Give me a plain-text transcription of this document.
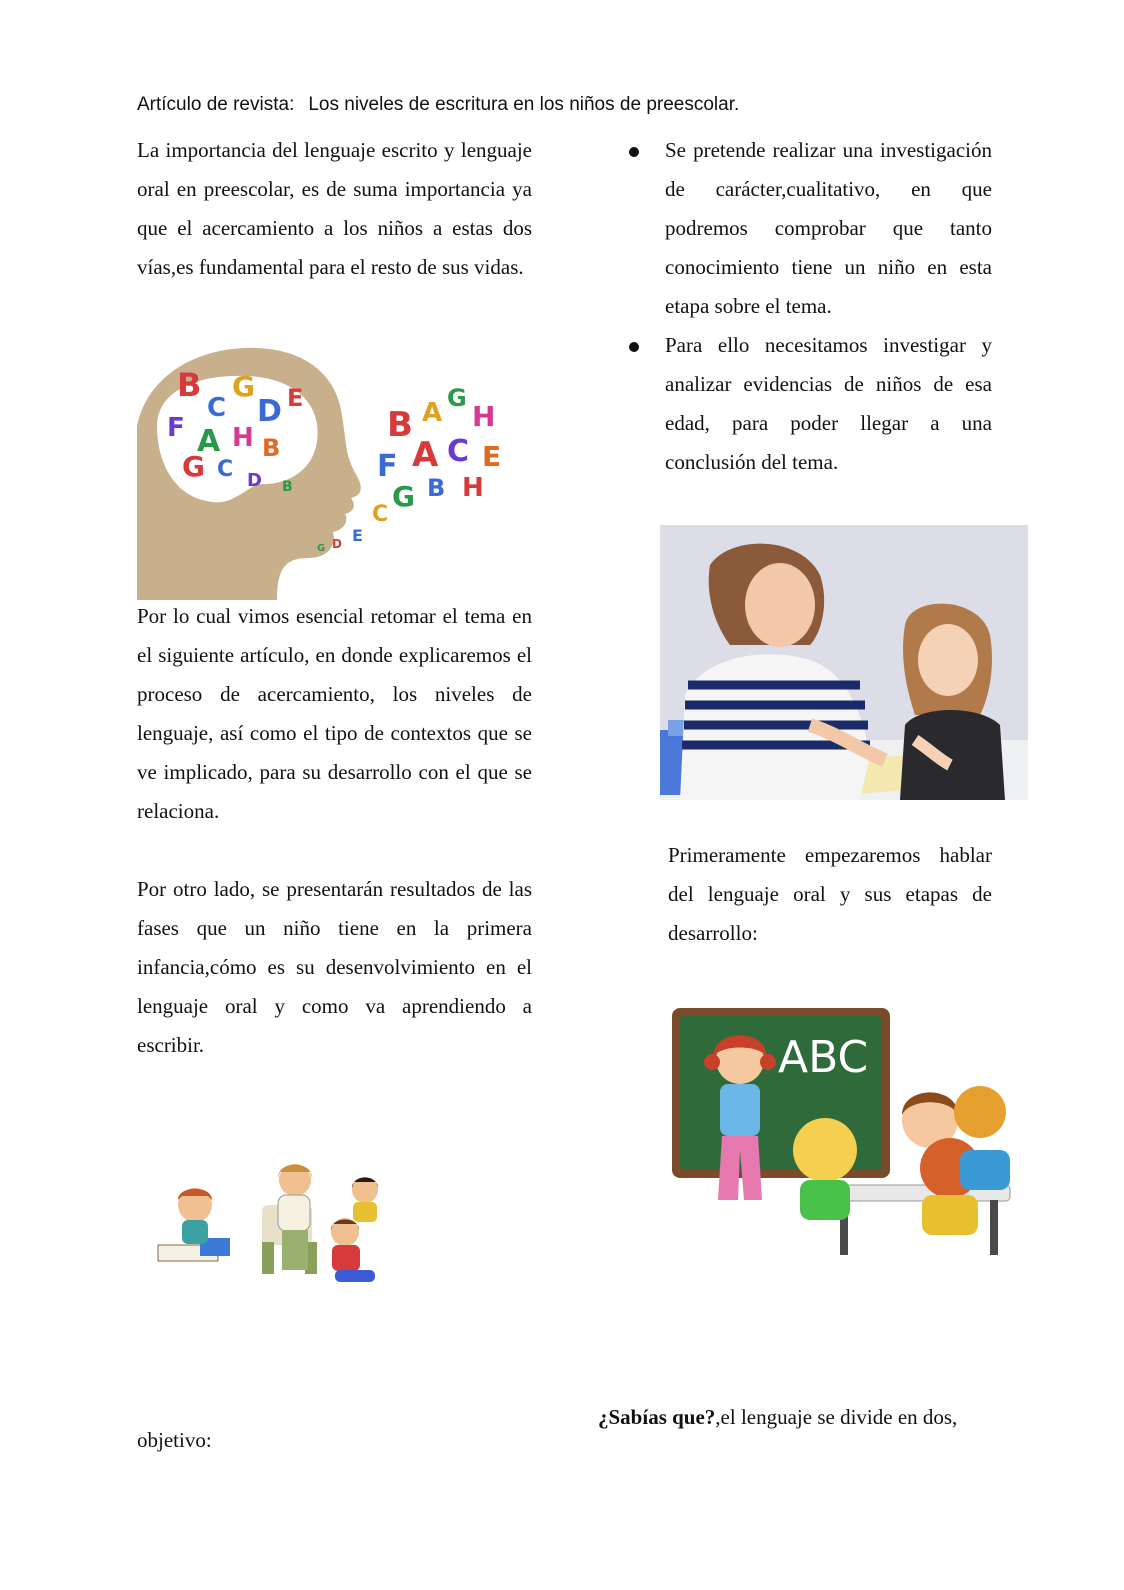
Artículo de revista: Los niveles de escritura en los niños de preescolar.

La importancia del lenguaje escrito y lenguaje oral en preescolar, es de suma importancia ya que el acercamiento a los niños a estas dos vías,es fundamental para el resto de sus vidas.

B
C
G
D E
F A H B
G C D B
B A G
H
F A C E
G B H
C
E
D
G

Por lo cual vimos esencial retomar el tema en el siguiente artículo, en donde explicaremos el proceso de acercamiento, los niveles de lenguaje, así como el tipo de contextos que se ve implicado, para su desarrollo con el que se relaciona.

Por otro lado, se presentarán resultados de las fases que un niño tiene en la primera infancia,cómo es su desenvolvimiento en el lenguaje oral y como va aprendiendo a escribir.

objetivo:
Se pretende realizar una investigación de carácter,cualitativo, en que podremos comprobar que tanto conocimiento tiene un niño en esta etapa sobre el tema.
Para ello necesitamos investigar y analizar evidencias de niños de esa edad, para poder llegar a una conclusión del tema.

Primeramente empezaremos hablar del lenguaje oral y sus etapas de desarrollo:

ABC
¿Sabías que?,el lenguaje se divide en dos,
